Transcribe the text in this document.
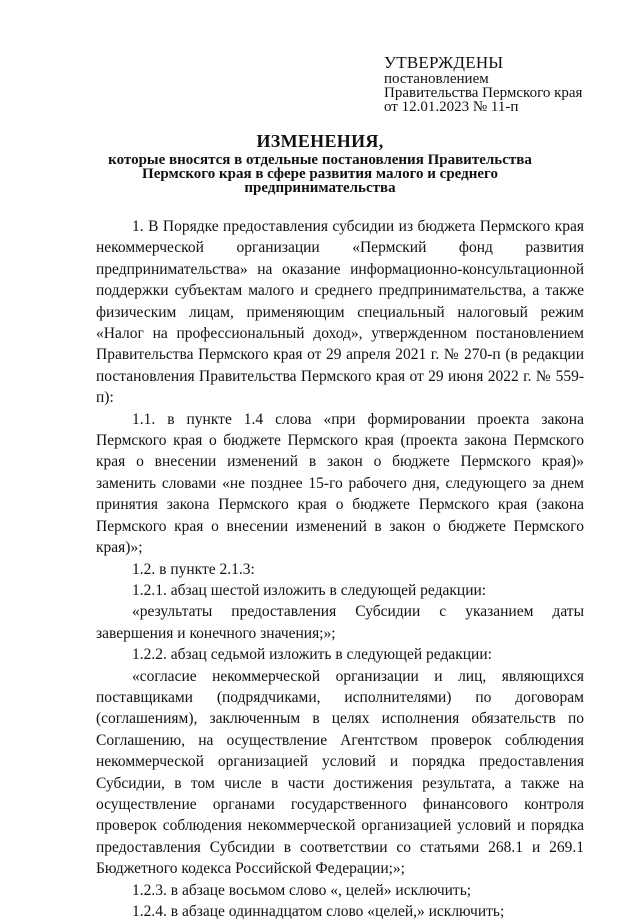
УТВЕРЖДЕНЫ
постановлением
Правительства Пермского края
от 12.01.2023 № 11-п
ИЗМЕНЕНИЯ,
которые вносятся в отдельные постановления Правительства Пермского края в сфере развития малого и среднего предпринимательства

1. В Порядке предоставления субсидии из бюджета Пермского края некоммерческой организации «Пермский фонд развития предпринимательства» на оказание информационно-консультационной поддержки субъектам малого и среднего предпринимательства, а также физическим лицам, применяющим специальный налоговый режим «Налог на профессиональный доход», утвержденном постановлением Правительства Пермского края от 29 апреля 2021 г. № 270-п (в редакции постановления Правительства Пермского края от 29 июня 2022 г. № 559-п):

1.1. в пункте 1.4 слова «при формировании проекта закона Пермского края о бюджете Пермского края (проекта закона Пермского края о внесении изменений в закон о бюджете Пермского края)» заменить словами «не позднее 15-го рабочего дня, следующего за днем принятия закона Пермского края о бюджете Пермского края (закона Пермского края о внесении изменений в закон о бюджете Пермского края)»;

1.2. в пункте 2.1.3:

1.2.1. абзац шестой изложить в следующей редакции:

«результаты предоставления Субсидии с указанием даты завершения и конечного значения;»;

1.2.2. абзац седьмой изложить в следующей редакции:

«согласие некоммерческой организации и лиц, являющихся поставщиками (подрядчиками, исполнителями) по договорам (соглашениям), заключенным в целях исполнения обязательств по Соглашению, на осуществление Агентством проверок соблюдения некоммерческой организацией условий и порядка предоставления Субсидии, в том числе в части достижения результата, а также на осуществление органами государственного финансового контроля проверок соблюдения некоммерческой организацией условий и порядка предоставления Субсидии в соответствии со статьями 268.1 и 269.1 Бюджетного кодекса Российской Федерации;»;

1.2.3. в абзаце восьмом слово «, целей» исключить;

1.2.4. в абзаце одиннадцатом слово «целей,» исключить;
